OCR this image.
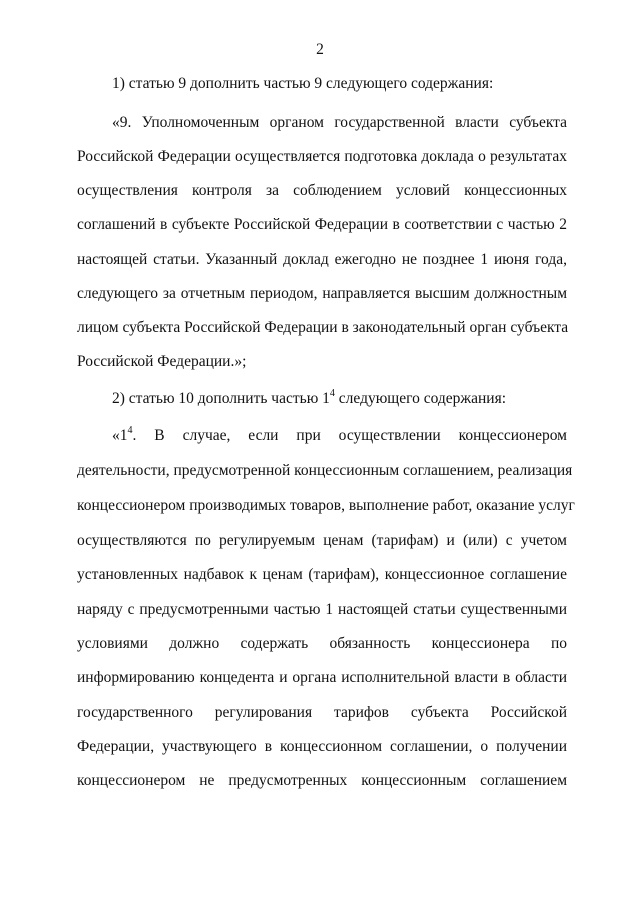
2
1) статью 9 дополнить частью 9 следующего содержания:
«9. Уполномоченным органом государственной власти субъекта
Российской Федерации осуществляется подготовка доклада о результатах
осуществления контроля за соблюдением условий концессионных
соглашений в субъекте Российской Федерации в соответствии с частью 2
настоящей статьи. Указанный доклад ежегодно не позднее 1 июня года,
следующего за отчетным периодом, направляется высшим должностным
лицом субъекта Российской Федерации в законодательный орган субъекта
Российской Федерации.»;
2) статью 10 дополнить частью $1^4$ следующего содержания:
«$1^4$. В случае, если при осуществлении концессионером
деятельности, предусмотренной концессионным соглашением, реализация
концессионером производимых товаров, выполнение работ, оказание услуг
осуществляются по регулируемым ценам (тарифам) и (или) с учетом
установленных надбавок к ценам (тарифам), концессионное соглашение
наряду с предусмотренными частью 1 настоящей статьи существенными
условиями должно содержать обязанность концессионера по
информированию концедента и органа исполнительной власти в области
государственного регулирования тарифов субъекта Российской
Федерации, участвующего в концессионном соглашении, о получении
концессионером не предусмотренных концессионным соглашением
